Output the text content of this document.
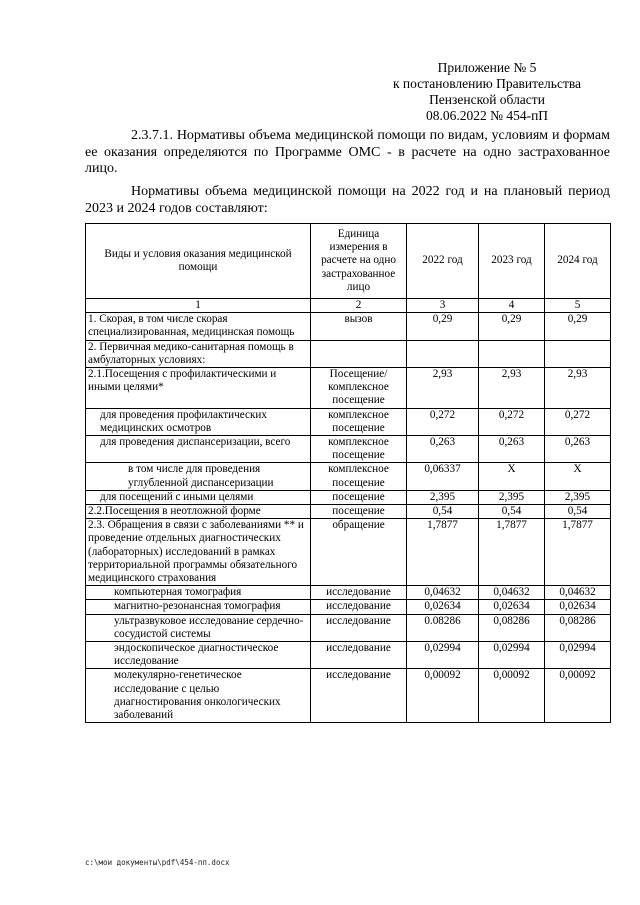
Приложение № 5
к постановлению Правительства
Пензенской области
08.06.2022 № 454-пП
2.3.7.1. Нормативы объема медицинской помощи по видам, условиям и формам ее оказания определяются по Программе ОМС - в расчете на одно застрахованное лицо.
Нормативы объема медицинской помощи на 2022 год и на плановый период 2023 и 2024 годов составляют:
Виды и условия оказания медицинской помощи	Единица измерения в расчете на одно застрахованное лицо	2022 год	2023 год	2024 год
1	2	3	4	5
1. Скорая, в том числе скорая специализированная, медицинская помощь	вызов	0,29	0,29	0,29
2. Первичная медико-санитарная помощь в амбулаторных условиях:				
2.1.Посещения с профилактическими и иными целями*	Посещение/ комплексное посещение	2,93	2,93	2,93
для проведения профилактических медицинских осмотров	комплексное посещение	0,272	0,272	0,272
для проведения диспансеризации, всего	комплексное посещение	0,263	0,263	0,263
в том числе для проведения углубленной диспансеризации	комплексное посещение	0,06337	Х	Х
для посещений с иными целями	посещение	2,395	2,395	2,395
2.2.Посещения в неотложной форме	посещение	0,54	0,54	0,54
2.3. Обращения в связи с заболеваниями ** и проведение отдельных диагностических (лабораторных) исследований в рамках территориальной программы обязательного медицинского страхования	обращение	1,7877	1,7877	1,7877
компьютерная томография	исследование	0,04632	0,04632	0,04632
магнитно-резонансная томография	исследование	0,02634	0,02634	0,02634
ультразвуковое исследование сердечно-сосудистой системы	исследование	0.08286	0,08286	0,08286
эндоскопическое диагностическое исследование	исследование	0,02994	0,02994	0,02994
молекулярно-генетическое исследование с целью диагностирования онкологических заболеваний	исследование	0,00092	0,00092	0,00092
c:\мои документы\pdf\454-пп.docx
